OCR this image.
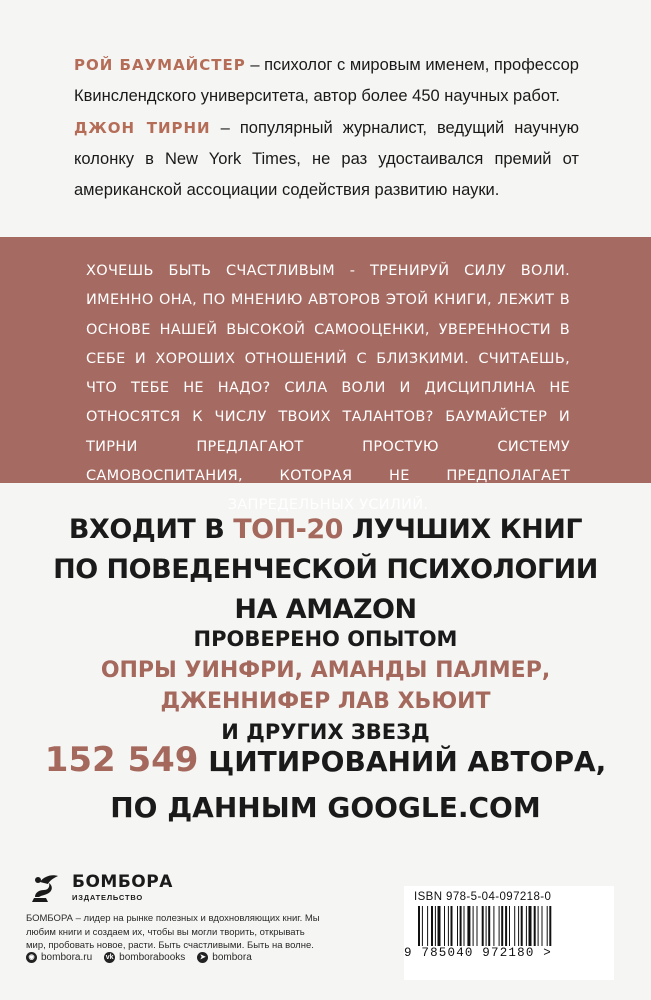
РОЙ БАУМАЙСТЕР – психолог с мировым именем, профессор Квинслендского университета, автор более 450 научных работ.

ДЖОН ТИРНИ – популярный журналист, ведущий научную колонку в New York Times, не раз удостаивался премий от американской ассоциации содействия развитию науки.

ХОЧЕШЬ БЫТЬ СЧАСТЛИВЫМ - ТРЕНИРУЙ СИЛУ ВОЛИ. ИМЕННО ОНА, ПО МНЕНИЮ АВТОРОВ ЭТОЙ КНИГИ, ЛЕЖИТ В ОСНОВЕ НАШЕЙ ВЫСОКОЙ САМООЦЕНКИ, УВЕРЕННОСТИ В СЕБЕ И ХОРОШИХ ОТНОШЕНИЙ С БЛИЗКИМИ. СЧИТАЕШЬ, ЧТО ТЕБЕ НЕ НАДО? СИЛА ВОЛИ И ДИСЦИПЛИНА НЕ ОТНОСЯТСЯ К ЧИСЛУ ТВОИХ ТАЛАНТОВ? БАУМАЙСТЕР И ТИРНИ ПРЕДЛАГАЮТ ПРОСТУЮ СИСТЕМУ САМОВОСПИТАНИЯ, КОТОРАЯ НЕ ПРЕДПОЛАГАЕТ ЗАПРЕДЕЛЬНЫХ УСИЛИЙ.
ВХОДИТ В ТОП-20 ЛУЧШИХ КНИГ
ПО ПОВЕДЕНЧЕСКОЙ ПСИХОЛОГИИ НА AMAZON
ПРОВЕРЕНО ОПЫТОМ
ОПРЫ УИНФРИ, АМАНДЫ ПАЛМЕР, ДЖЕННИФЕР ЛАВ ХЬЮИТ
И ДРУГИХ ЗВЕЗД
152 549 ЦИТИРОВАНИЙ АВТОРА,
ПО ДАННЫМ GOOGLE.COM
БОМБОРА
ИЗДАТЕЛЬСТВО
БОМБОРА – лидер на рынке полезных и вдохновляющих книг. Мы любим книги и создаем их, чтобы вы могли творить, открывать мир, пробовать новое, расти. Быть счастливыми. Быть на волне.
◉ bombora.ru vk bomborabooks	➤ bombora
ISBN 978-5-04-097218-0
9 785040 972180 >
